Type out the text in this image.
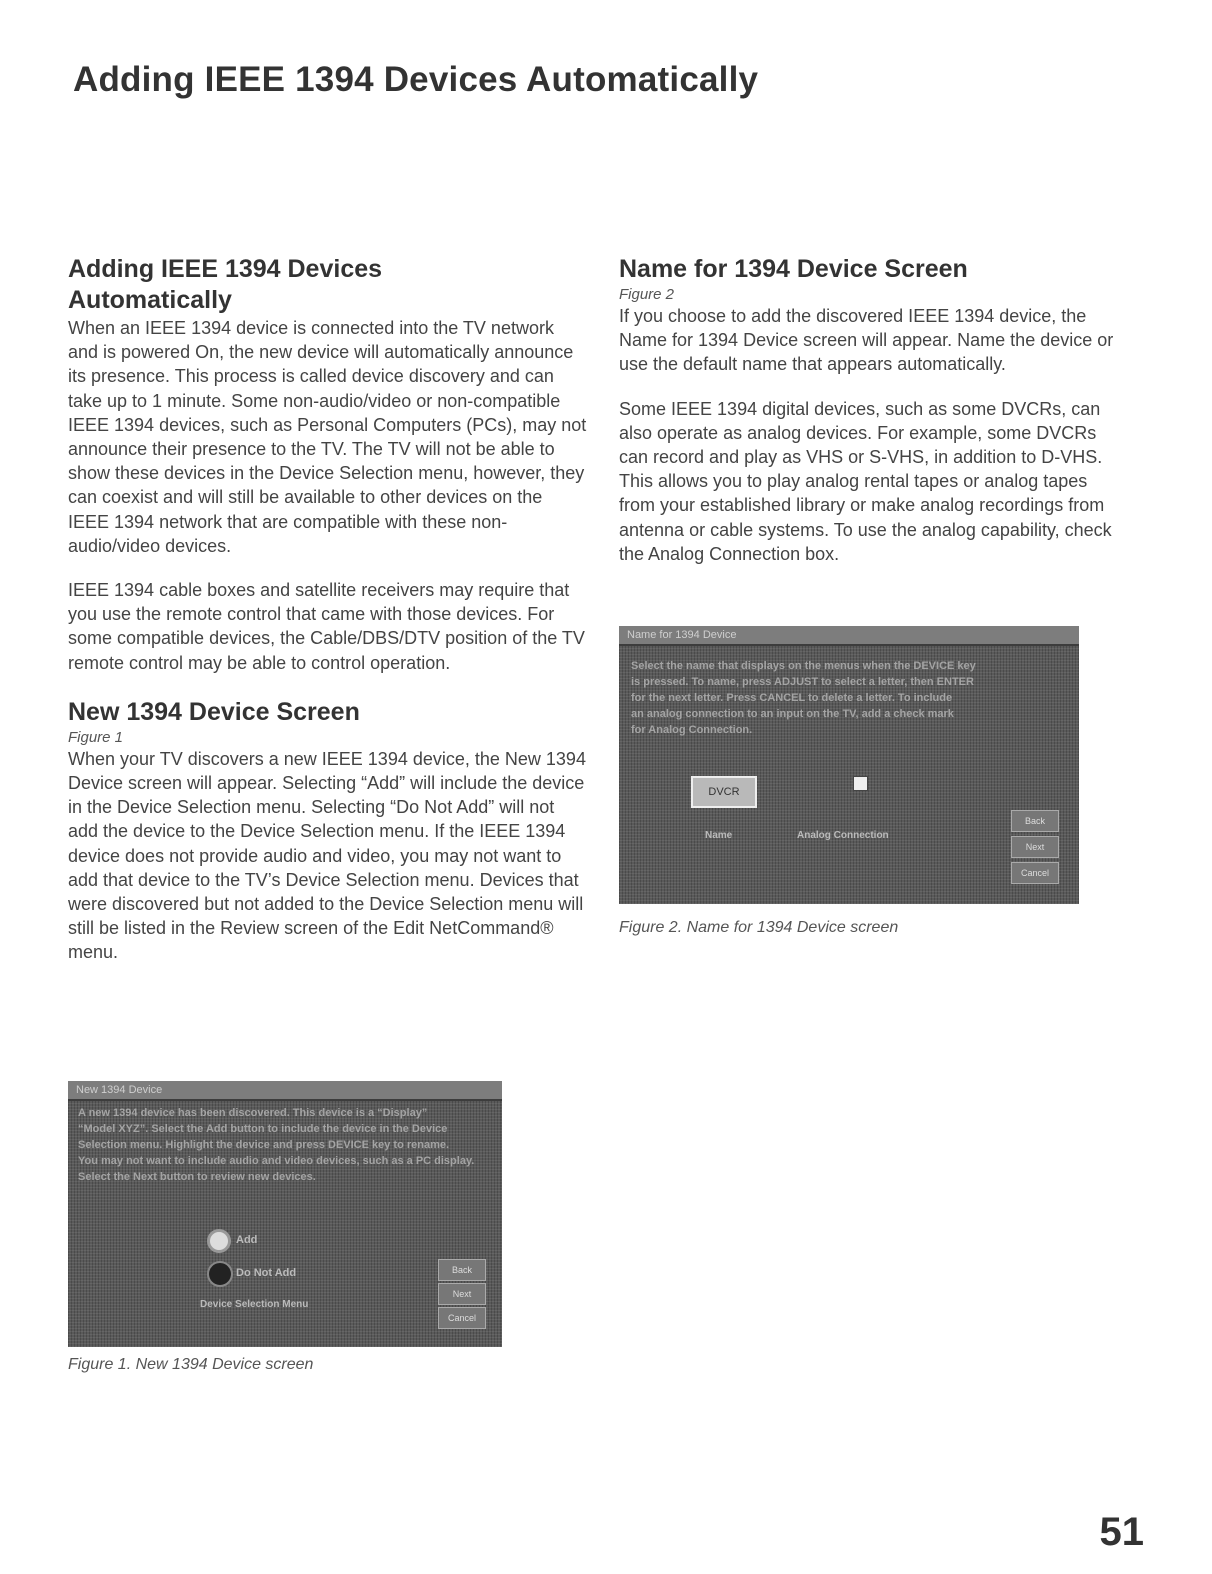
Adding IEEE 1394 Devices Automatically
Adding IEEE 1394 Devices
Automatically

When an IEEE 1394 device is connected into the TV network and is powered On, the new device will automatically announce its presence. This process is called device discovery and can take up to 1 minute. Some non-audio/video or non-compatible IEEE 1394 devices, such as Personal Computers (PCs), may not announce their presence to the TV. The TV will not be able to show these devices in the Device Selection menu, however, they can coexist and will still be available to other devices on the IEEE 1394 network that are compatible with these non-audio/video devices.

IEEE 1394 cable boxes and satellite receivers may require that you use the remote control that came with those devices. For some compatible devices, the Cable/DBS/DTV position of the TV remote control may be able to control operation.

New 1394 Device Screen

Figure 1

When your TV discovers a new IEEE 1394 device, the New 1394 Device screen will appear. Selecting “Add” will include the device in the Device Selection menu. Selecting “Do Not Add” will not add the device to the Device Selection menu. If the IEEE 1394 device does not provide audio and video, you may not want to add that device to the TV’s Device Selection menu. Devices that were discovered but not added to the Device Selection menu will still be listed in the Review screen of the Edit NetCommand® menu.

New 1394 Device
A new 1394 device has been discovered. This device is a “Display”
“Model XYZ”. Select the Add button to include the device in the Device
Selection menu. Highlight the device and press DEVICE key to rename.
You may not want to include audio and video devices, such as a PC display.
Select the Next button to review new devices.
Add
Do Not Add
Device Selection Menu
Back
Next
Cancel

Figure 1. New 1394 Device screen

Name for 1394 Device Screen

Figure 2

If you choose to add the discovered IEEE 1394 device, the Name for 1394 Device screen will appear. Name the device or use the default name that appears automatically.

Some IEEE 1394 digital devices, such as some DVCRs, can also operate as analog devices. For example, some DVCRs can record and play as VHS or S-VHS, in addition to D-VHS. This allows you to play analog rental tapes or analog tapes from your established library or make analog recordings from antenna or cable systems. To use the analog capability, check the Analog Connection box.

Name for 1394 Device
Select the name that displays on the menus when the DEVICE key
is pressed. To name, press ADJUST to select a letter, then ENTER
for the next letter. Press CANCEL to delete a letter. To include
an analog connection to an input on the TV, add a check mark
for Analog Connection.
DVCR
Name	Analog Connection
Back
Next
Cancel

Figure 2. Name for 1394 Device screen

51
